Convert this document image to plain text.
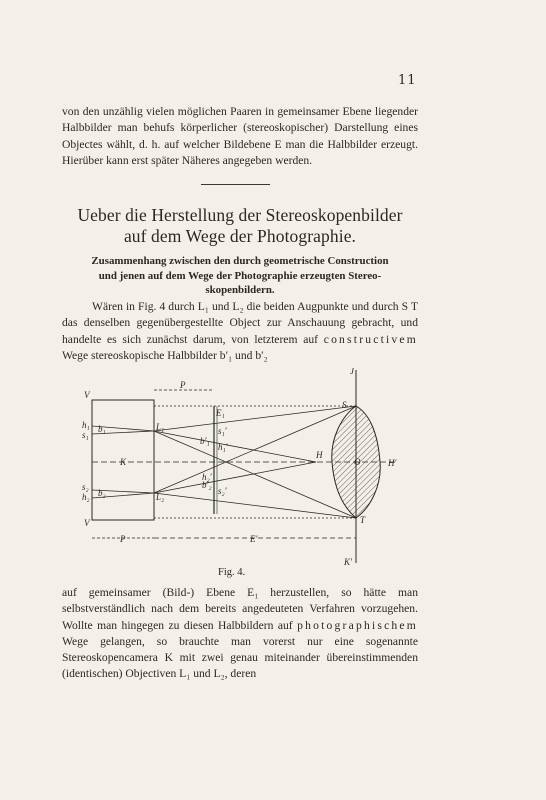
11
von den unzählig vielen möglichen Paaren in gemeinsamer Ebene liegender Halbbilder man behufs körperlicher (stereoskopischer) Darstellung eines Objectes wählt, d. h. auf welcher Bildebene E man die Halbbilder erzeugt. Hierüber kann erst später Näheres angegeben werden.
Ueber die Herstellung der Stereoskopenbilder
auf dem Wege der Photographie.
Zusammenhang zwischen den durch geometrische Construction
und jenen auf dem Wege der Photographie erzeugten Stereo-
skopenbildern.
Wären in Fig. 4 durch L₁ und L₂ die beiden Augpunkte und durch S T das denselben gegenübergestellte Object zur Anschauung gebracht, und handelte es sich zunächst darum, von letzterem auf constructivem Wege stereoskopische Halbbilder b′₁ und b′₂
J
S
T
K′
H
H′
O
E₁
L₁
L₂
P
P	E′
K
V
V
h₁
s₁
b₁
s₂
h₂ b₂
b′₁
h₁′
s₁′
h₂′
b′₂
s₂′
Fig. 4.
auf gemeinsamer (Bild-) Ebene E₁ herzustellen, so hätte man selbstverständlich nach dem bereits angedeuteten Verfahren vorzugehen. Wollte man hingegen zu diesen Halbbildern auf photographischem Wege gelangen, so brauchte man vorerst nur eine sogenannte Stereoskopencamera K mit zwei genau miteinander übereinstimmenden (identischen) Objectiven L₁ und L₂, deren
